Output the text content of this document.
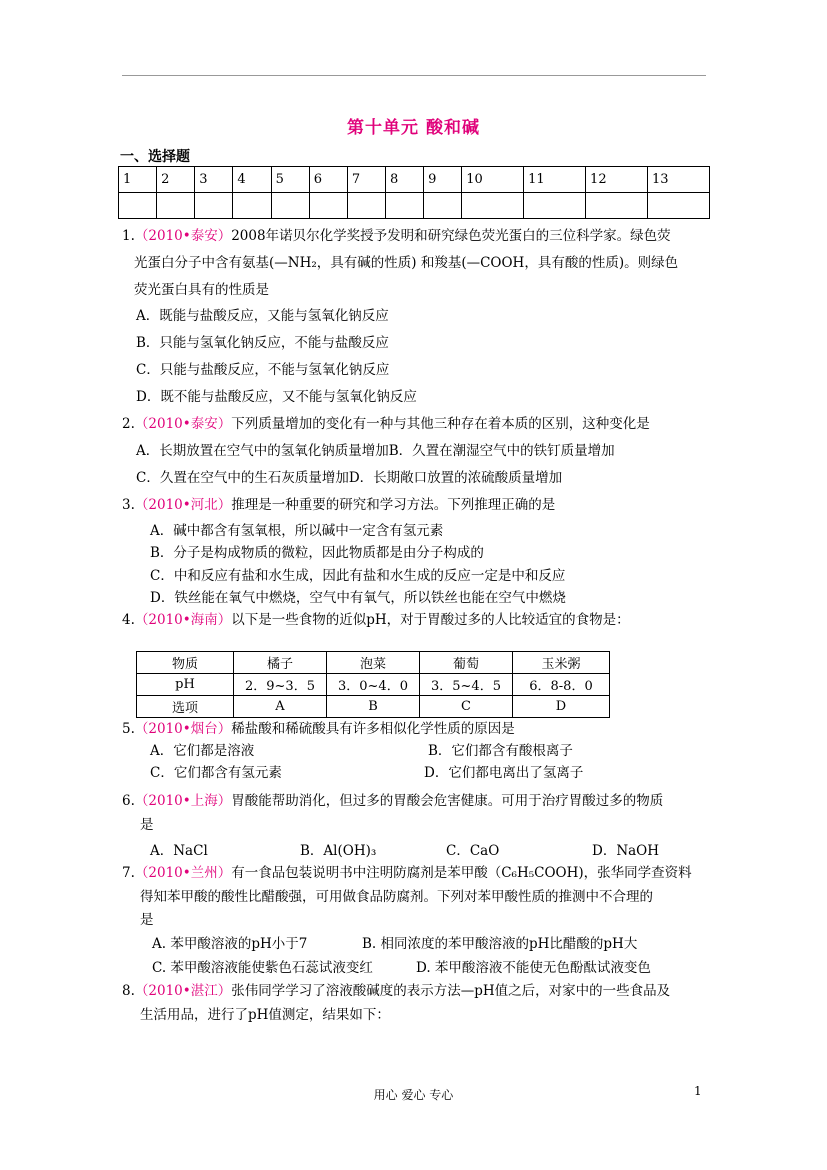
第十单元 酸和碱
一、选择题
1	2	3	4	5	6	7	8	9	10	11	12	13

1.（2010•泰安）2008年诺贝尔化学奖授予发明和研究绿色荧光蛋白的三位科学家。绿色荧
光蛋白分子中含有氨基(—NH₂，具有碱的性质) 和羧基(—COOH，具有酸的性质)。则绿色
荧光蛋白具有的性质是
A．既能与盐酸反应，又能与氢氧化钠反应
B．只能与氢氧化钠反应，不能与盐酸反应
C．只能与盐酸反应，不能与氢氧化钠反应
D．既不能与盐酸反应，又不能与氢氧化钠反应
2.（2010•泰安）下列质量增加的变化有一种与其他三种存在着本质的区别，这种变化是
A．长期放置在空气中的氢氧化钠质量增加B．久置在潮湿空气中的铁钉质量增加
C．久置在空气中的生石灰质量增加D．长期敞口放置的浓硫酸质量增加
3.（2010•河北）推理是一种重要的研究和学习方法。下列推理正确的是
A．碱中都含有氢氧根，所以碱中一定含有氢元素
B．分子是构成物质的微粒，因此物质都是由分子构成的
C．中和反应有盐和水生成，因此有盐和水生成的反应一定是中和反应
D．铁丝能在氧气中燃烧，空气中有氧气，所以铁丝也能在空气中燃烧
4.（2010•海南）以下是一些食物的近似pH，对于胃酸过多的人比较适宜的食物是：
物质	橘子	泡菜	葡萄	玉米粥
pH	2．9~3．5	3．0~4．0	3．5~4．5	6．8-8．0
选项	A	B	C	D
5.（2010•烟台）稀盐酸和稀硫酸具有许多相似化学性质的原因是
A．它们都是溶液	B．它们都含有酸根离子
C．它们都含有氢元素	D．它们都电离出了氢离子
6.（2010•上海）胃酸能帮助消化，但过多的胃酸会危害健康。可用于治疗胃酸过多的物质
是
A．NaCl	B．Al(OH)₃	C．CaO	D．NaOH
7.（2010•兰州）有一食品包装说明书中注明防腐剂是苯甲酸（C₆H₅COOH)，张华同学查资料
得知苯甲酸的酸性比醋酸强，可用做食品防腐剂。下列对苯甲酸性质的推测中不合理的
是
A. 苯甲酸溶液的pH小于7	B. 相同浓度的苯甲酸溶液的pH比醋酸的pH大
C. 苯甲酸溶液能使紫色石蕊试液变红	D. 苯甲酸溶液不能使无色酚酞试液变色
8.（2010•湛江）张伟同学学习了溶液酸碱度的表示方法—pH值之后，对家中的一些食品及
生活用品，进行了pH值测定，结果如下：
用心 爱心 专心	1
